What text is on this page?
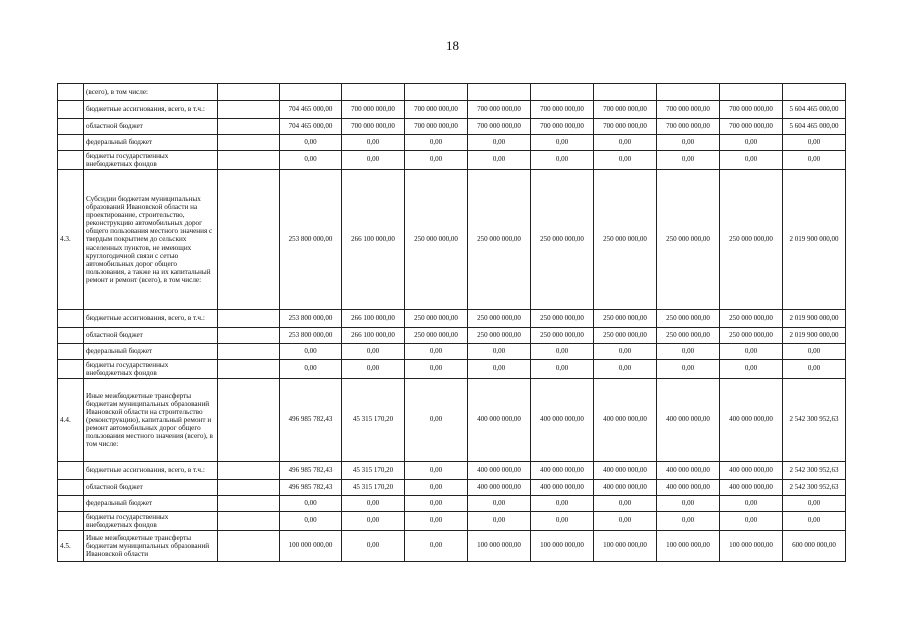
18
	(всего), в том числе:										
	бюджетные ассигнования, всего, в т.ч.:		704 465 000,00	700 000 000,00	700 000 000,00	700 000 000,00	700 000 000,00	700 000 000,00	700 000 000,00	700 000 000,00	5 604 465 000,00
	областной бюджет		704 465 000,00	700 000 000,00	700 000 000,00	700 000 000,00	700 000 000,00	700 000 000,00	700 000 000,00	700 000 000,00	5 604 465 000,00
	федеральный бюджет		0,00	0,00	0,00	0,00	0,00	0,00	0,00	0,00	0,00
	бюджеты государственных внебюджетных фондов		0,00	0,00	0,00	0,00	0,00	0,00	0,00	0,00	0,00
4.3.	Субсидии бюджетам муниципальных образований Ивановской области на проектирование, строительство, реконструкцию автомобильных дорог общего пользования местного значения с твердым покрытием до сельских населенных пунктов, не имеющих круглогодичной связи с сетью автомобильных дорог общего пользования, а также на их капитальный ремонт и ремонт (всего), в том числе:		253 800 000,00	266 100 000,00	250 000 000,00	250 000 000,00	250 000 000,00	250 000 000,00	250 000 000,00	250 000 000,00	2 019 900 000,00
	бюджетные ассигнования, всего, в т.ч.:		253 800 000,00	266 100 000,00	250 000 000,00	250 000 000,00	250 000 000,00	250 000 000,00	250 000 000,00	250 000 000,00	2 019 900 000,00
	областной бюджет		253 800 000,00	266 100 000,00	250 000 000,00	250 000 000,00	250 000 000,00	250 000 000,00	250 000 000,00	250 000 000,00	2 019 900 000,00
	федеральный бюджет		0,00	0,00	0,00	0,00	0,00	0,00	0,00	0,00	0,00
	бюджеты государственных внебюджетных фондов		0,00	0,00	0,00	0,00	0,00	0,00	0,00	0,00	0,00
4.4.	Иные межбюджетные трансферты бюджетам муниципальных образований Ивановской области на строительство (реконструкцию), капитальный ремонт и ремонт автомобильных дорог общего пользования местного значения (всего), в том числе:		496 985 782,43	45 315 170,20	0,00	400 000 000,00	400 000 000,00	400 000 000,00	400 000 000,00	400 000 000,00	2 542 300 952,63
	бюджетные ассигнования, всего, в т.ч.:		496 985 782,43	45 315 170,20	0,00	400 000 000,00	400 000 000,00	400 000 000,00	400 000 000,00	400 000 000,00	2 542 300 952,63
	областной бюджет		496 985 782,43	45 315 170,20	0,00	400 000 000,00	400 000 000,00	400 000 000,00	400 000 000,00	400 000 000,00	2 542 300 952,63
	федеральный бюджет		0,00	0,00	0,00	0,00	0,00	0,00	0,00	0,00	0,00
	бюджеты государственных внебюджетных фондов		0,00	0,00	0,00	0,00	0,00	0,00	0,00	0,00	0,00
4.5.	Иные межбюджетные трансферты бюджетам муниципальных образований Ивановской области		100 000 000,00	0,00	0,00	100 000 000,00	100 000 000,00	100 000 000,00	100 000 000,00	100 000 000,00	600 000 000,00
